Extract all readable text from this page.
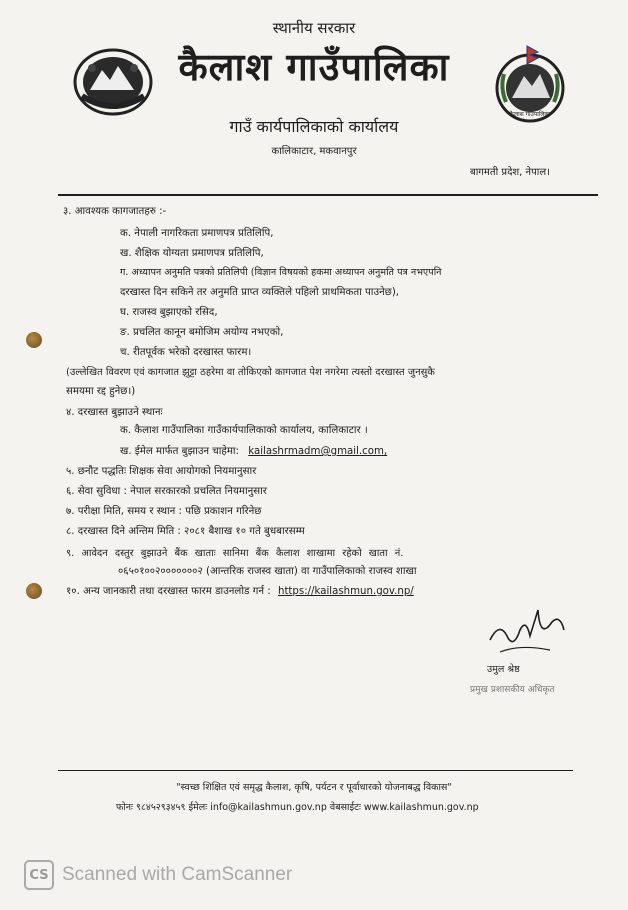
स्थानीय सरकार
कैलाश गाउँपालिका
कैलाश गाउँपालिका
गाउँ कार्यपालिकाको कार्यालय
कालिकाटार, मकवानपुर
बागमती प्रदेश, नेपाल।
३. आवश्यक कागजातहरु :-
क. नेपाली नागरिकता प्रमाणपत्र प्रतिलिपि,
ख. शैक्षिक योग्यता प्रमाणपत्र प्रतिलिपि,
ग. अध्यापन अनुमति पत्रको प्रतिलिपी (विज्ञान विषयको हकमा अध्यापन अनुमति पत्र नभएपनि
दरखास्त दिन सकिने तर अनुमति प्राप्त व्यक्तिले पहिलो प्राथमिकता पाउनेछ),
घ. राजस्व बुझाएको रसिद,
ङ. प्रचलित कानून बमोजिम अयोग्य नभएको,
च. रीतपूर्वक भरेको दरखास्त फारम।
(उल्लेखित विवरण एवं कागजात झुट्टा ठहरेमा वा तोकिएको कागजात पेश नगरेमा त्यस्तो दरखास्त जुनसुकै
समयमा रद्द हुनेछ।)
४. दरखास्त बुझाउने स्थानः
क. कैलाश गाउँपालिका गाउँकार्यपालिकाको कार्यालय, कालिकाटार ।
ख. ईमेल मार्फत बुझाउन चाहेमा: kailashrmadm@gmail.com,
५. छनौट पद्धतिः शिक्षक सेवा आयोगको नियमानुसार
६. सेवा सुविधा : नेपाल सरकारको प्रचलित नियमानुसार
७. परीक्षा मिति, समय र स्थान : पछि प्रकाशन गरिनेछ
८. दरखास्त दिने अन्तिम मिति : २०८१ बैशाख १० गते बुधबारसम्म
९. आवेदन दस्तुर बुझाउने बैंक खाताः सानिमा बैंक कैलाश शाखामा रहेको खाता नं.
०६५०१००२०००००००२ (आन्तरिक राजस्व खाता) वा गाउँपालिकाको राजस्व शाखा
१०. अन्य जानकारी तथा दरखास्त फारम डाउनलोड गर्न : https://kailashmun.gov.np/
उमुल श्रेष्ठ
प्रमुख प्रशासकीय अधिकृत
"स्वच्छ शिक्षित एवं समृद्ध कैलाश, कृषि, पर्यटन र पूर्वाधारको योजनाबद्ध विकास"
फोनः ९८४५२९३४५९ ईमेलः info@kailashmun.gov.np वेबसाईटः www.kailashmun.gov.np
CS Scanned with CamScanner
